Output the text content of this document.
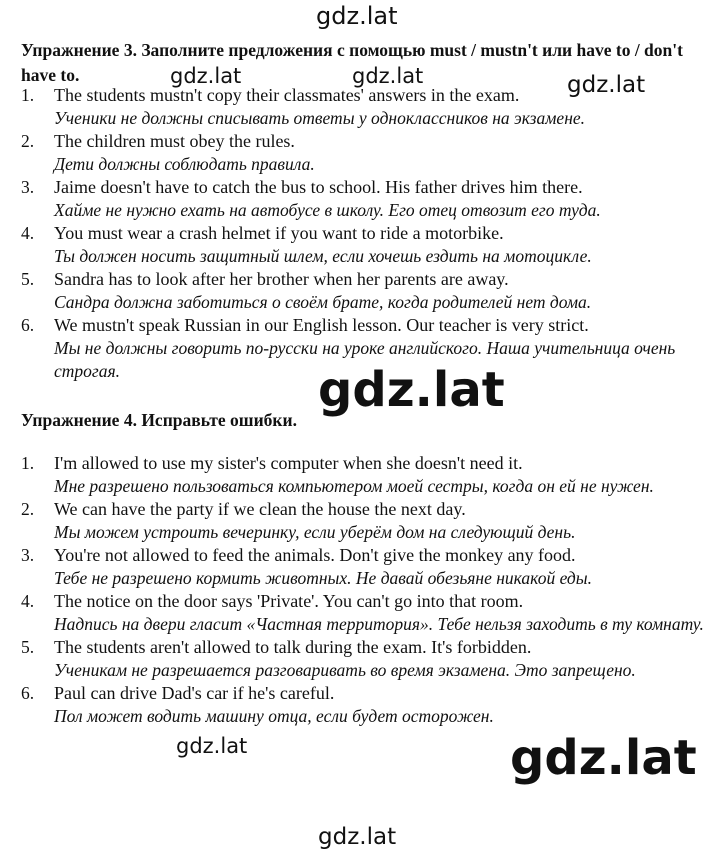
gdz.lat
Упражнение 3. Заполните предложения с помощью must / mustn't или have to / don't have to.
1. The students mustn't copy their classmates' answers in the exam.
Ученики не должны списывать ответы у одноклассников на экзамене.
2. The children must obey the rules.
Дети должны соблюдать правила.
3. Jaime doesn't have to catch the bus to school. His father drives him there.
Хайме не нужно ехать на автобусе в школу. Его отец отвозит его туда.
4. You must wear a crash helmet if you want to ride a motorbike.
Ты должен носить защитный шлем, если хочешь ездить на мотоцикле.
5. Sandra has to look after her brother when her parents are away.
Сандра должна заботиться о своём брате, когда родителей нет дома.
6. We mustn't speak Russian in our English lesson. Our teacher is very strict.
Мы не должны говорить по-русски на уроке английского. Наша учительница очень строгая.
Упражнение 4. Исправьте ошибки.
1. I'm allowed to use my sister's computer when she doesn't need it.
Мне разрешено пользоваться компьютером моей сестры, когда он ей не нужен.
2. We can have the party if we clean the house the next day.
Мы можем устроить вечеринку, если уберём дом на следующий день.
3. You're not allowed to feed the animals. Don't give the monkey any food.
Тебе не разрешено кормить животных. Не давай обезьяне никакой еды.
4. The notice on the door says 'Private'. You can't go into that room.
Надпись на двери гласит «Частная территория». Тебе нельзя заходить в ту комнату.
5. The students aren't allowed to talk during the exam. It's forbidden.
Ученикам не разрешается разговаривать во время экзамена. Это запрещено.
6. Paul can drive Dad's car if he's careful.
Пол может водить машину отца, если будет осторожен.
gdz.lat	gdz.lat	gdz.lat
gdz.lat
gdz.lat	gdz.lat
gdz.lat
